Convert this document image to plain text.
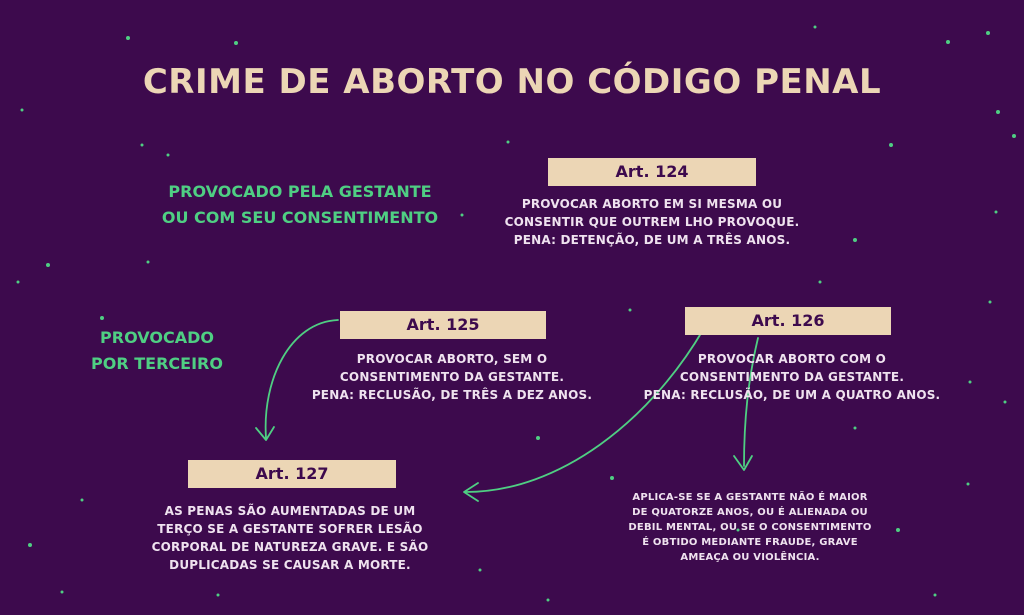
CRIME DE ABORTO NO CÓDIGO PENAL
PROVOCADO PELA GESTANTE
OU COM SEU CONSENTIMENTO
PROVOCADO
POR TERCEIRO
Art. 124
PROVOCAR ABORTO EM SI MESMA OU
CONSENTIR QUE OUTREM LHO PROVOQUE.
PENA: DETENÇÃO, DE UM A TRÊS ANOS.
Art. 125
PROVOCAR ABORTO, SEM O
CONSENTIMENTO DA GESTANTE.
PENA: RECLUSÃO, DE TRÊS A DEZ ANOS.
Art. 126
PROVOCAR ABORTO COM O
CONSENTIMENTO DA GESTANTE.
PENA: RECLUSÃO, DE UM A QUATRO ANOS.
Art. 127
AS PENAS SÃO AUMENTADAS DE UM
TERÇO SE A GESTANTE SOFRER LESÃO
CORPORAL DE NATUREZA GRAVE. E SÃO
DUPLICADAS SE CAUSAR A MORTE.
APLICA-SE SE A GESTANTE NÃO É MAIOR
DE QUATORZE ANOS, OU É ALIENADA OU
DEBIL MENTAL, OU SE O CONSENTIMENTO
É OBTIDO MEDIANTE FRAUDE, GRAVE
AMEAÇA OU VIOLÊNCIA.
